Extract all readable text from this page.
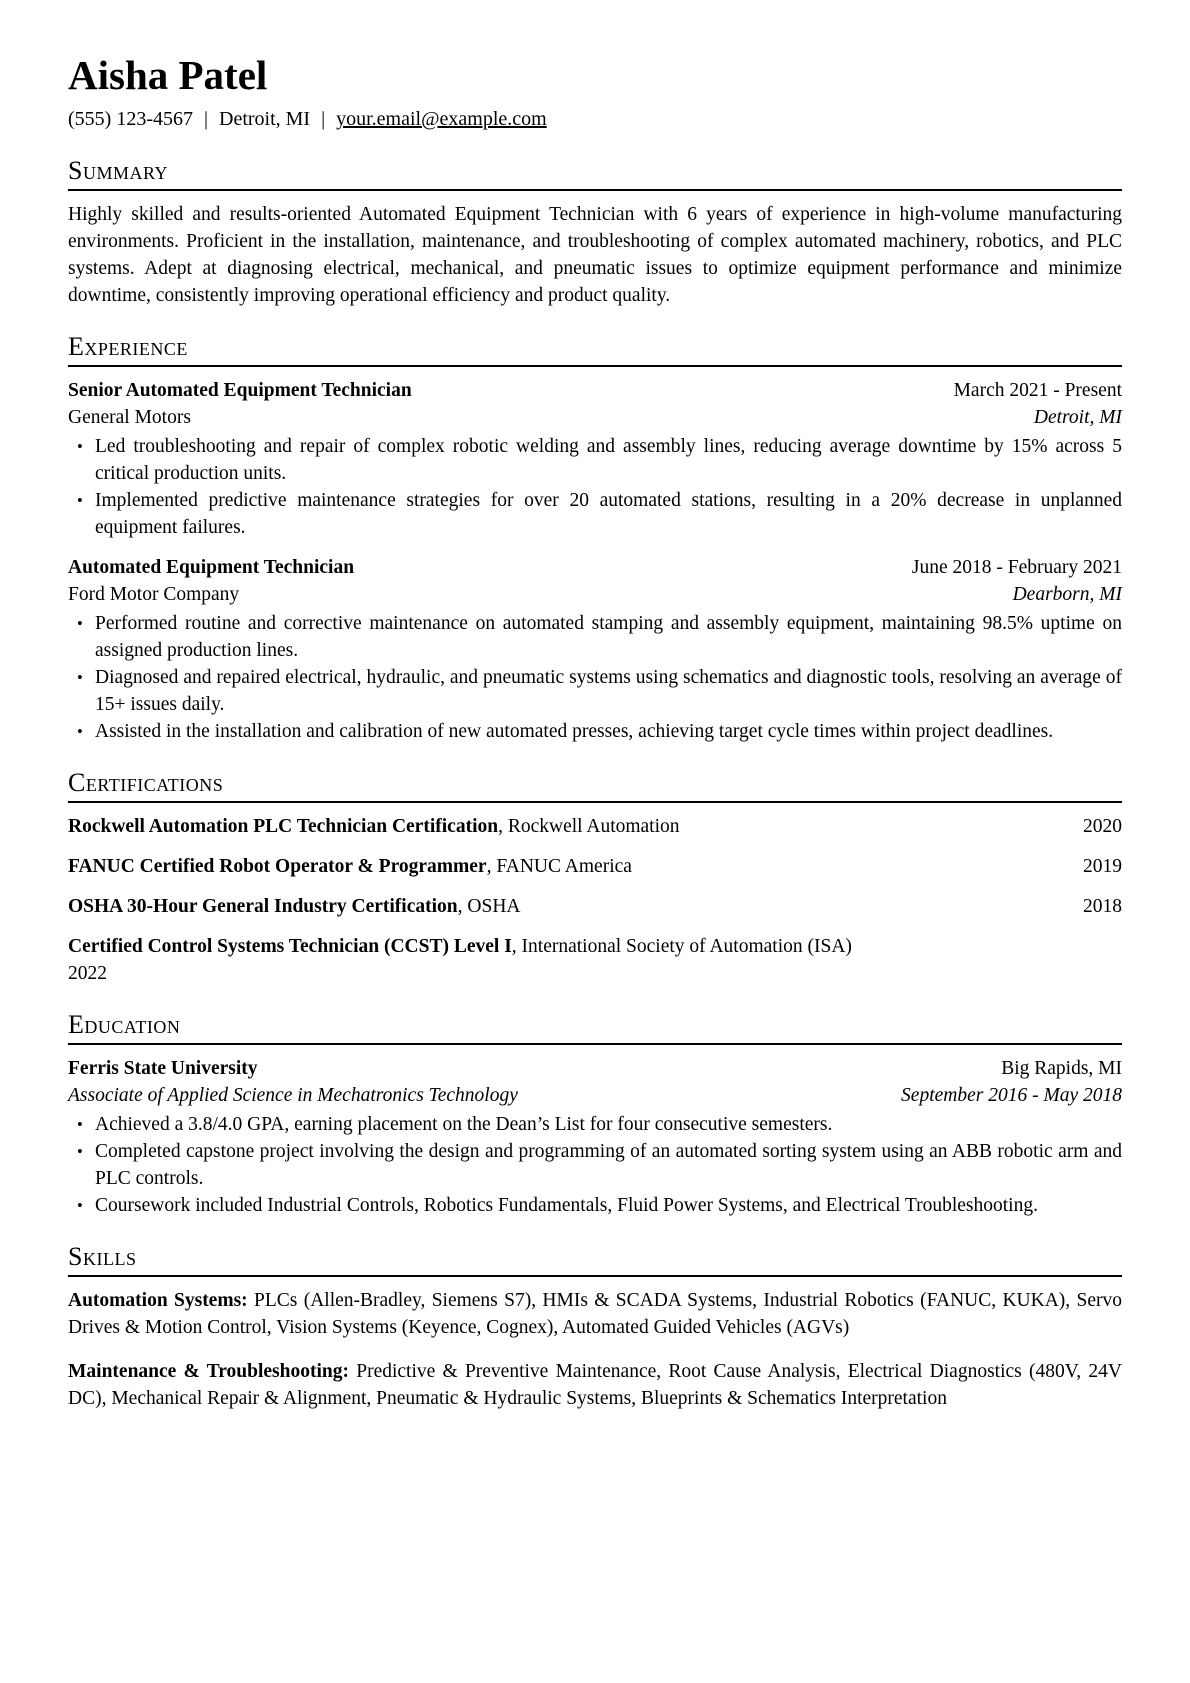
Aisha Patel
(555) 123-4567 | Detroit, MI | your.email@example.com
Summary

Highly skilled and results-oriented Automated Equipment Technician with 6 years of experience in high-volume manufacturing environments. Proficient in the installation, maintenance, and troubleshooting of complex automated machinery, robotics, and PLC systems. Adept at diagnosing electrical, mechanical, and pneumatic issues to optimize equipment performance and minimize downtime, consistently improving operational efficiency and product quality.

Experience
Senior Automated Equipment Technician	March 2021 - Present
General Motors	Detroit, MI
• Led troubleshooting and repair of complex robotic welding and assembly lines, reducing average downtime by 15% across 5 critical production units.
• Implemented predictive maintenance strategies for over 20 automated stations, resulting in a 20% decrease in unplanned equipment failures.
Automated Equipment Technician	June 2018 - February 2021
Ford Motor Company	Dearborn, MI
• Performed routine and corrective maintenance on automated stamping and assembly equipment, maintaining 98.5% uptime on assigned production lines.
• Diagnosed and repaired electrical, hydraulic, and pneumatic systems using schematics and diagnostic tools, resolving an average of 15+ issues daily.
• Assisted in the installation and calibration of new automated presses, achieving target cycle times within project deadlines.
Certifications
Rockwell Automation PLC Technician Certification, Rockwell Automation	2020
FANUC Certified Robot Operator & Programmer, FANUC America	2019
OSHA 30-Hour General Industry Certification, OSHA	2018
Certified Control Systems Technician (CCST) Level I, International Society of Automation (ISA)
2022
Education
Ferris State University	Big Rapids, MI
Associate of Applied Science in Mechatronics Technology	September 2016 - May 2018
• Achieved a 3.8/4.0 GPA, earning placement on the Dean’s List for four consecutive semesters.
• Completed capstone project involving the design and programming of an automated sorting system using an ABB robotic arm and PLC controls.
• Coursework included Industrial Controls, Robotics Fundamentals, Fluid Power Systems, and Electrical Troubleshooting.
Skills

Automation Systems: PLCs (Allen-Bradley, Siemens S7), HMIs & SCADA Systems, Industrial Robotics (FANUC, KUKA), Servo Drives & Motion Control, Vision Systems (Keyence, Cognex), Automated Guided Vehicles (AGVs)

Maintenance & Troubleshooting: Predictive & Preventive Maintenance, Root Cause Analysis, Electrical Diagnostics (480V, 24V DC), Mechanical Repair & Alignment, Pneumatic & Hydraulic Systems, Blueprints & Schematics Interpretation
